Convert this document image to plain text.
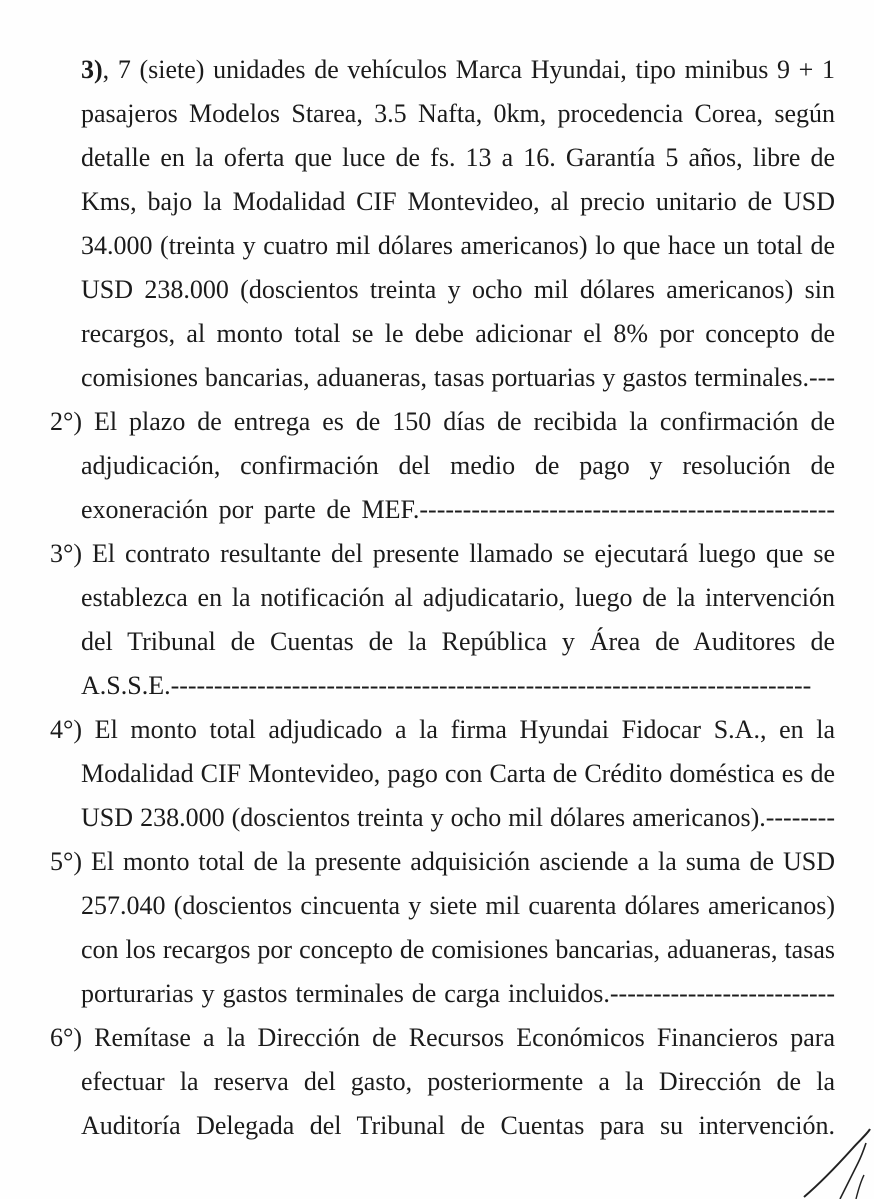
3), 7 (siete) unidades de vehículos Marca Hyundai, tipo minibus 9 + 1
pasajeros Modelos Starea, 3.5 Nafta, 0km, procedencia Corea, según
detalle en la oferta que luce de fs. 13 a 16. Garantía 5 años, libre de
Kms, bajo la Modalidad CIF Montevideo, al precio unitario de USD
34.000 (treinta y cuatro mil dólares americanos) lo que hace un total de
USD 238.000 (doscientos treinta y ocho mil dólares americanos) sin
recargos, al monto total se le debe adicionar el 8% por concepto de
comisiones bancarias, aduaneras, tasas portuarias y gastos terminales.---
2°) El plazo de entrega es de 150 días de recibida la confirmación de
adjudicación, confirmación del medio de pago y resolución de
exoneración por parte de MEF.------------------------------------------------
3°) El contrato resultante del presente llamado se ejecutará luego que se
establezca en la notificación al adjudicatario, luego de la intervención
del Tribunal de Cuentas de la República y Área de Auditores de
A.S.S.E.--------------------------------------------------------------------------
4°) El monto total adjudicado a la firma Hyundai Fidocar S.A., en la
Modalidad CIF Montevideo, pago con Carta de Crédito doméstica es de
USD 238.000 (doscientos treinta y ocho mil dólares americanos).--------
5°) El monto total de la presente adquisición asciende a la suma de USD
257.040 (doscientos cincuenta y siete mil cuarenta dólares americanos)
con los recargos por concepto de comisiones bancarias, aduaneras, tasas
porturarias y gastos terminales de carga incluidos.--------------------------
6°) Remítase a la Dirección de Recursos Económicos Financieros para
efectuar la reserva del gasto, posteriormente a la Dirección de la
Auditoría Delegada del Tribunal de Cuentas para su intervención.
